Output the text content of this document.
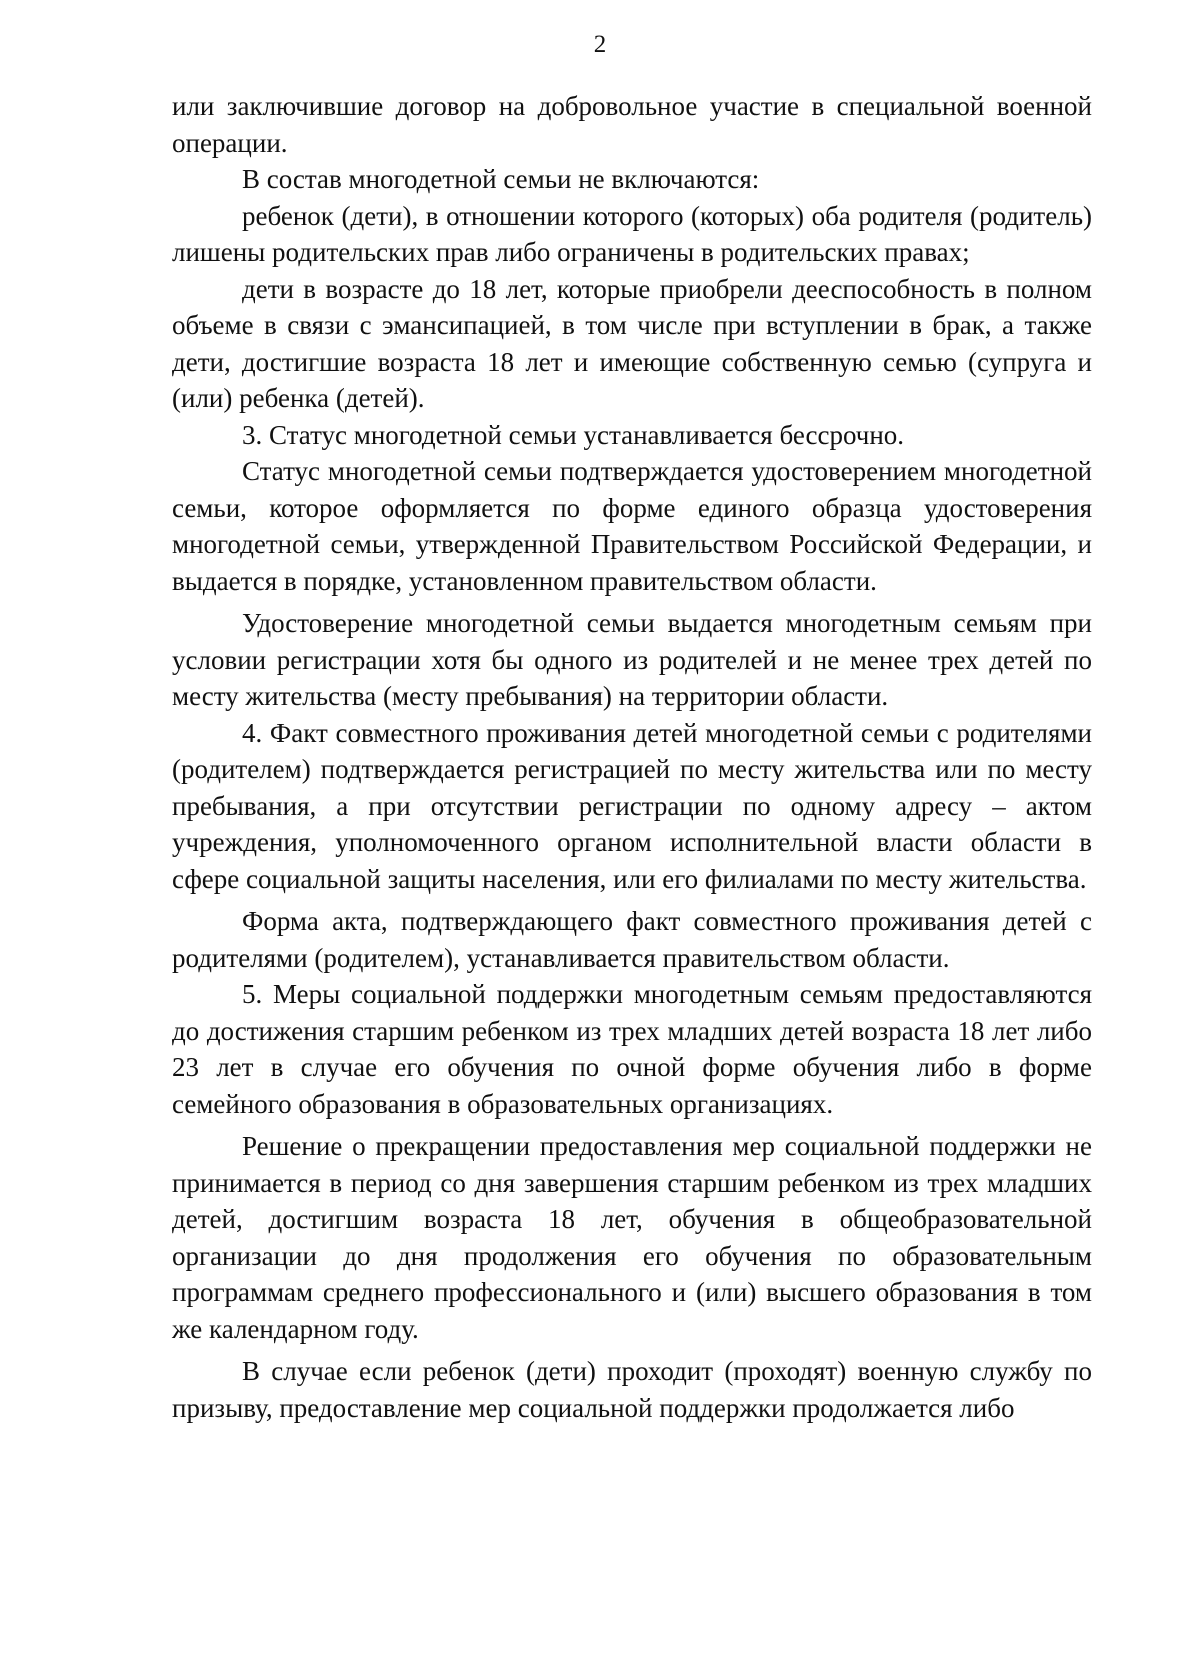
2

или заключившие договор на добровольное участие в специальной военной операции.

В состав многодетной семьи не включаются:

ребенок (дети), в отношении которого (которых) оба родителя (родитель) лишены родительских прав либо ограничены в родительских правах;

дети в возрасте до 18 лет, которые приобрели дееспособность в полном объеме в связи с эмансипацией, в том числе при вступлении в брак, а также дети, достигшие возраста 18 лет и имеющие собственную семью (супруга и (или) ребенка (детей).

3. Статус многодетной семьи устанавливается бессрочно.

Статус многодетной семьи подтверждается удостоверением многодетной семьи, которое оформляется по форме единого образца удостоверения многодетной семьи, утвержденной Правительством Российской Федерации, и выдается в порядке, установленном правительством области.

Удостоверение многодетной семьи выдается многодетным семьям при условии регистрации хотя бы одного из родителей и не менее трех детей по месту жительства (месту пребывания) на территории области.

4. Факт совместного проживания детей многодетной семьи с родителями (родителем) подтверждается регистрацией по месту жительства или по месту пребывания, а при отсутствии регистрации по одному адресу – актом учреждения, уполномоченного органом исполнительной власти области в сфере социальной защиты населения, или его филиалами по месту жительства.

Форма акта, подтверждающего факт совместного проживания детей с родителями (родителем), устанавливается правительством области.

5. Меры социальной поддержки многодетным семьям предоставляются до достижения старшим ребенком из трех младших детей возраста 18 лет либо 23 лет в случае его обучения по очной форме обучения либо в форме семейного образования в образовательных организациях.

Решение о прекращении предоставления мер социальной поддержки не принимается в период со дня завершения старшим ребенком из трех младших детей, достигшим возраста 18 лет, обучения в общеобразовательной организации до дня продолжения его обучения по образовательным программам среднего профессионального и (или) высшего образования в том же календарном году.

В случае если ребенок (дети) проходит (проходят) военную службу по призыву, предоставление мер социальной поддержки продолжается либо
